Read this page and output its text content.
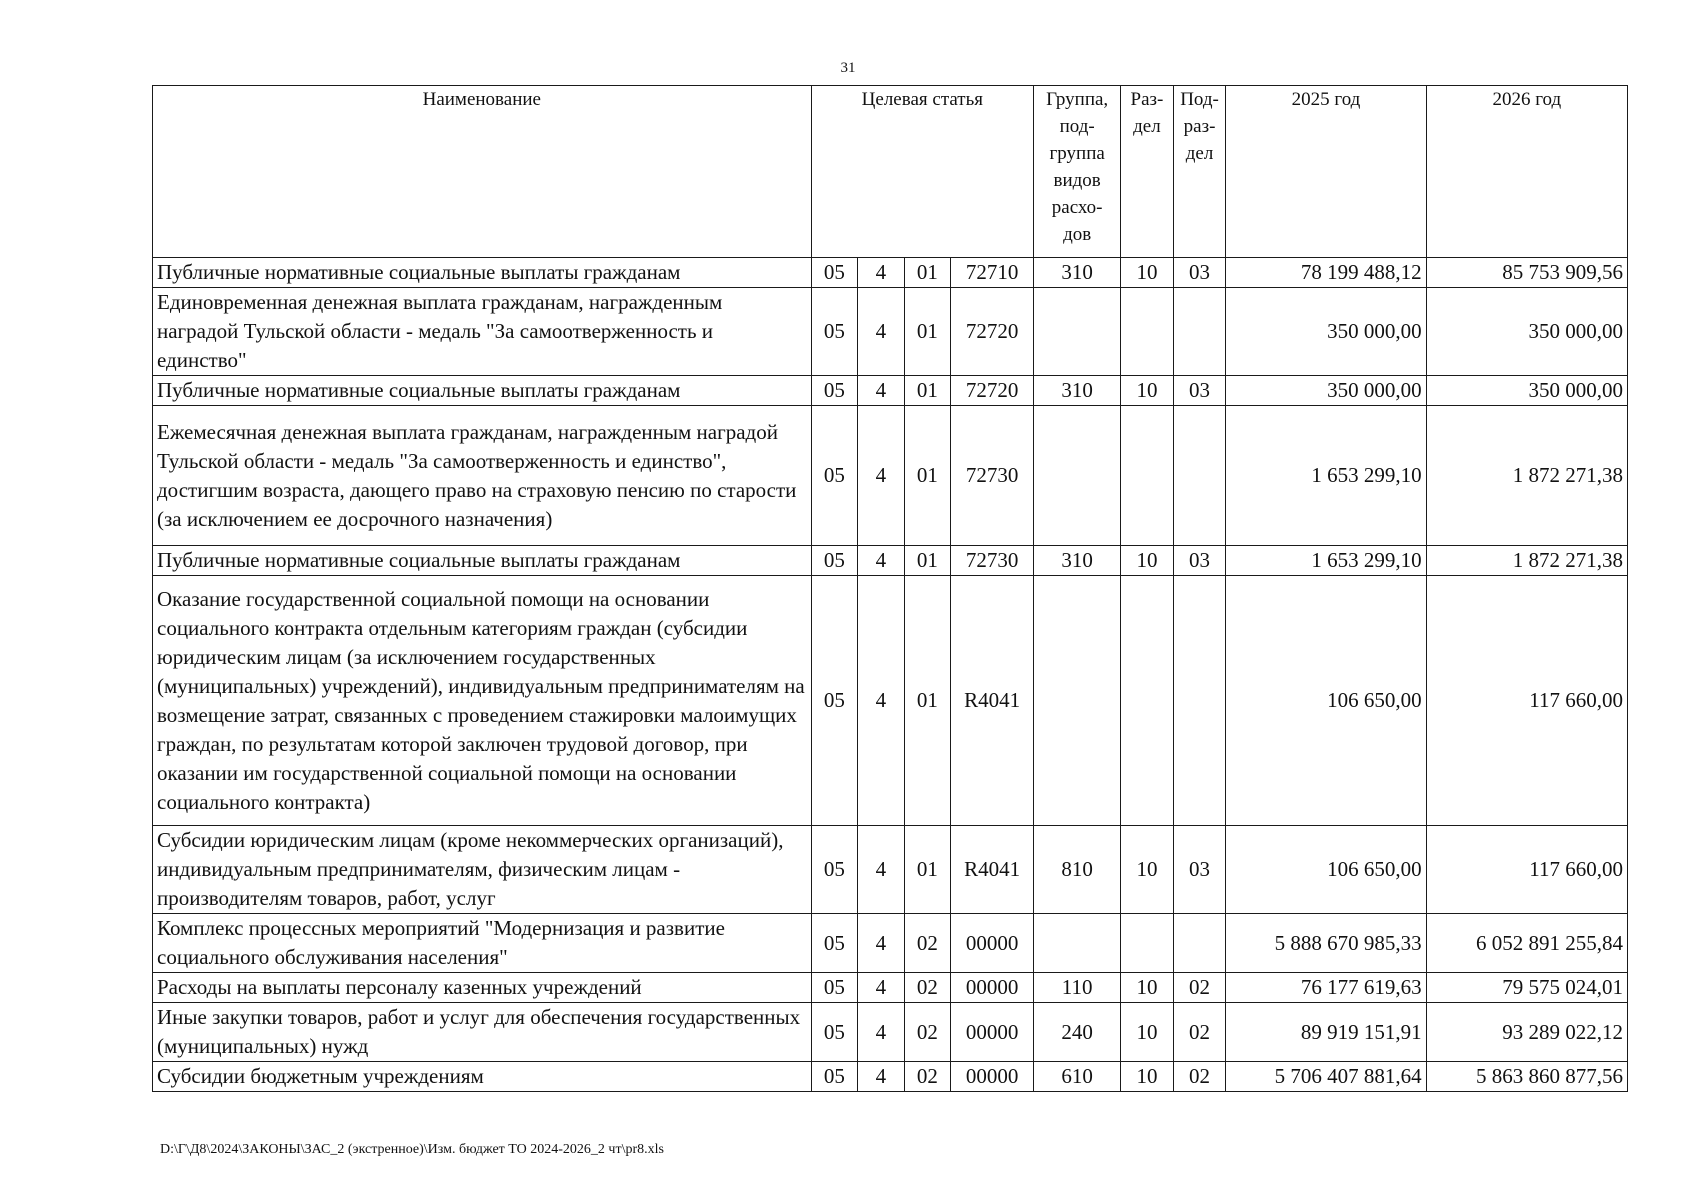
31
Наименование	Целевая статья				Группа, под-группа видов расхо-дов	Раз-дел	Под-раз-дел	2025 год	2026 год
Публичные нормативные социальные выплаты гражданам	05	4	01	72710	310	10	03	78 199 488,12	85 753 909,56
Единовременная денежная выплата гражданам, награжденным наградой Тульской области - медаль "За самоотверженность и единство"	05	4	01	72720				350 000,00	350 000,00
Публичные нормативные социальные выплаты гражданам	05	4	01	72720	310	10	03	350 000,00	350 000,00
Ежемесячная денежная выплата гражданам, награжденным наградой Тульской области - медаль "За самоотверженность и единство", достигшим возраста, дающего право на страховую пенсию по старости (за исключением ее досрочного назначения)	05	4	01	72730				1 653 299,10	1 872 271,38
Публичные нормативные социальные выплаты гражданам	05	4	01	72730	310	10	03	1 653 299,10	1 872 271,38
Оказание государственной социальной помощи на основании социального контракта отдельным категориям граждан (субсидии юридическим лицам (за исключением государственных (муниципальных) учреждений), индивидуальным предпринимателям на возмещение затрат, связанных с проведением стажировки малоимущих граждан, по результатам которой заключен трудовой договор, при оказании им государственной социальной помощи на основании социального контракта)	05	4	01	R4041				106 650,00	117 660,00
Субсидии юридическим лицам (кроме некоммерческих организаций), индивидуальным предпринимателям, физическим лицам - производителям товаров, работ, услуг	05	4	01	R4041	810	10	03	106 650,00	117 660,00
Комплекс процессных мероприятий "Модернизация и развитие социального обслуживания населения"	05	4	02	00000				5 888 670 985,33	6 052 891 255,84
Расходы на выплаты персоналу казенных учреждений	05	4	02	00000	110	10	02	76 177 619,63	79 575 024,01
Иные закупки товаров, работ и услуг для обеспечения государственных (муниципальных) нужд	05	4	02	00000	240	10	02	89 919 151,91	93 289 022,12
Субсидии бюджетным учреждениям	05	4	02	00000	610	10	02	5 706 407 881,64	5 863 860 877,56
D:\Г\Д8\2024\ЗАКОНЫ\ЗАС_2 (экстренное)\Изм. бюджет ТО 2024-2026_2 чт\pr8.xls
